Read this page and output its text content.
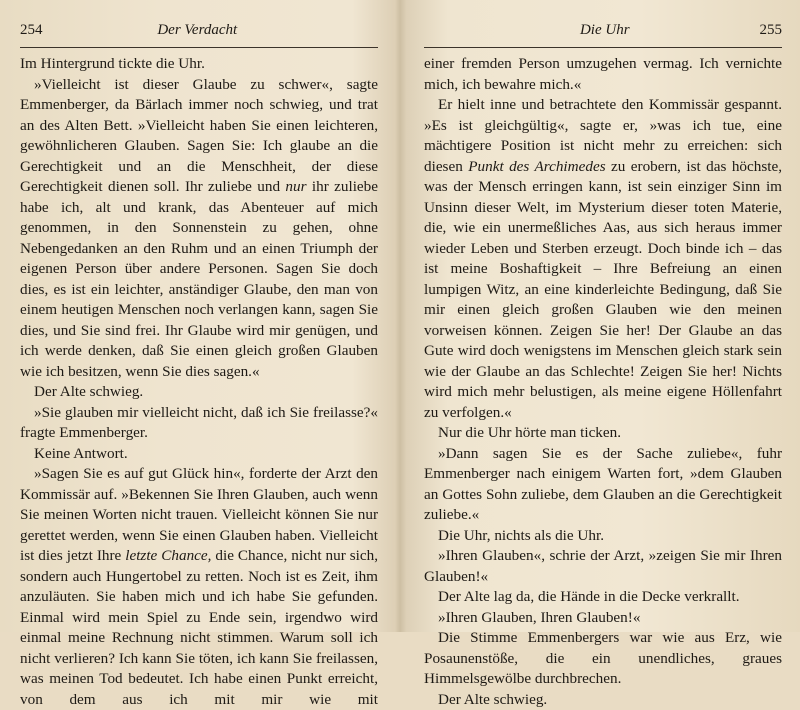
254	Der Verdacht

Im Hintergrund tickte die Uhr.

»Vielleicht ist dieser Glaube zu schwer«, sagte Emmenberger, da Bärlach immer noch schwieg, und trat an des Alten Bett. »Vielleicht haben Sie einen leichteren, gewöhnlicheren Glauben. Sagen Sie: Ich glaube an die Gerechtigkeit und an die Menschheit, der diese Gerechtigkeit dienen soll. Ihr zuliebe und nur ihr zuliebe habe ich, alt und krank, das Abenteuer auf mich genommen, in den Sonnenstein zu gehen, ohne Nebengedanken an den Ruhm und an einen Triumph der eigenen Person über andere Personen. Sagen Sie doch dies, es ist ein leichter, anständiger Glaube, den man von einem heutigen Menschen noch verlangen kann, sagen Sie dies, und Sie sind frei. Ihr Glaube wird mir genügen, und ich werde denken, daß Sie einen gleich großen Glauben wie ich besitzen, wenn Sie dies sagen.«

Der Alte schwieg.

»Sie glauben mir vielleicht nicht, daß ich Sie freilasse?« fragte Emmenberger.

Keine Antwort.

»Sagen Sie es auf gut Glück hin«, forderte der Arzt den Kommissär auf. »Bekennen Sie Ihren Glauben, auch wenn Sie meinen Worten nicht trauen. Vielleicht können Sie nur gerettet werden, wenn Sie einen Glauben haben. Vielleicht ist dies jetzt Ihre letzte Chance, die Chance, nicht nur sich, sondern auch Hungertobel zu retten. Noch ist es Zeit, ihm anzuläuten. Sie haben mich und ich habe Sie gefunden. Einmal wird mein Spiel zu Ende sein, irgendwo wird einmal meine Rechnung nicht stimmen. Warum soll ich nicht verlieren? Ich kann Sie töten, ich kann Sie freilassen, was meinen Tod bedeutet. Ich habe einen Punkt erreicht, von dem aus ich mit mir wie mit

Die Uhr	255

einer fremden Person umzugehen vermag. Ich vernichte mich, ich bewahre mich.«

Er hielt inne und betrachtete den Kommissär gespannt. »Es ist gleichgültig«, sagte er, »was ich tue, eine mächtigere Position ist nicht mehr zu erreichen: sich diesen Punkt des Archimedes zu erobern, ist das höchste, was der Mensch erringen kann, ist sein einziger Sinn im Unsinn dieser Welt, im Mysterium dieser toten Materie, die, wie ein unermeßliches Aas, aus sich heraus immer wieder Leben und Sterben erzeugt. Doch binde ich – das ist meine Boshaftigkeit – Ihre Befreiung an einen lumpigen Witz, an eine kinderleichte Bedingung, daß Sie mir einen gleich großen Glauben wie den meinen vorweisen können. Zeigen Sie her! Der Glaube an das Gute wird doch wenigstens im Menschen gleich stark sein wie der Glaube an das Schlechte! Zeigen Sie her! Nichts wird mich mehr belustigen, als meine eigene Höllenfahrt zu verfolgen.«

Nur die Uhr hörte man ticken.

»Dann sagen Sie es der Sache zuliebe«, fuhr Emmenberger nach einigem Warten fort, »dem Glauben an Gottes Sohn zuliebe, dem Glauben an die Gerechtigkeit zuliebe.«

Die Uhr, nichts als die Uhr.

»Ihren Glauben«, schrie der Arzt, »zeigen Sie mir Ihren Glauben!«

Der Alte lag da, die Hände in die Decke verkrallt.

»Ihren Glauben, Ihren Glauben!«

Die Stimme Emmenbergers war wie aus Erz, wie Posaunenstöße, die ein unendliches, graues Himmelsgewölbe durchbrechen.

Der Alte schwieg.
